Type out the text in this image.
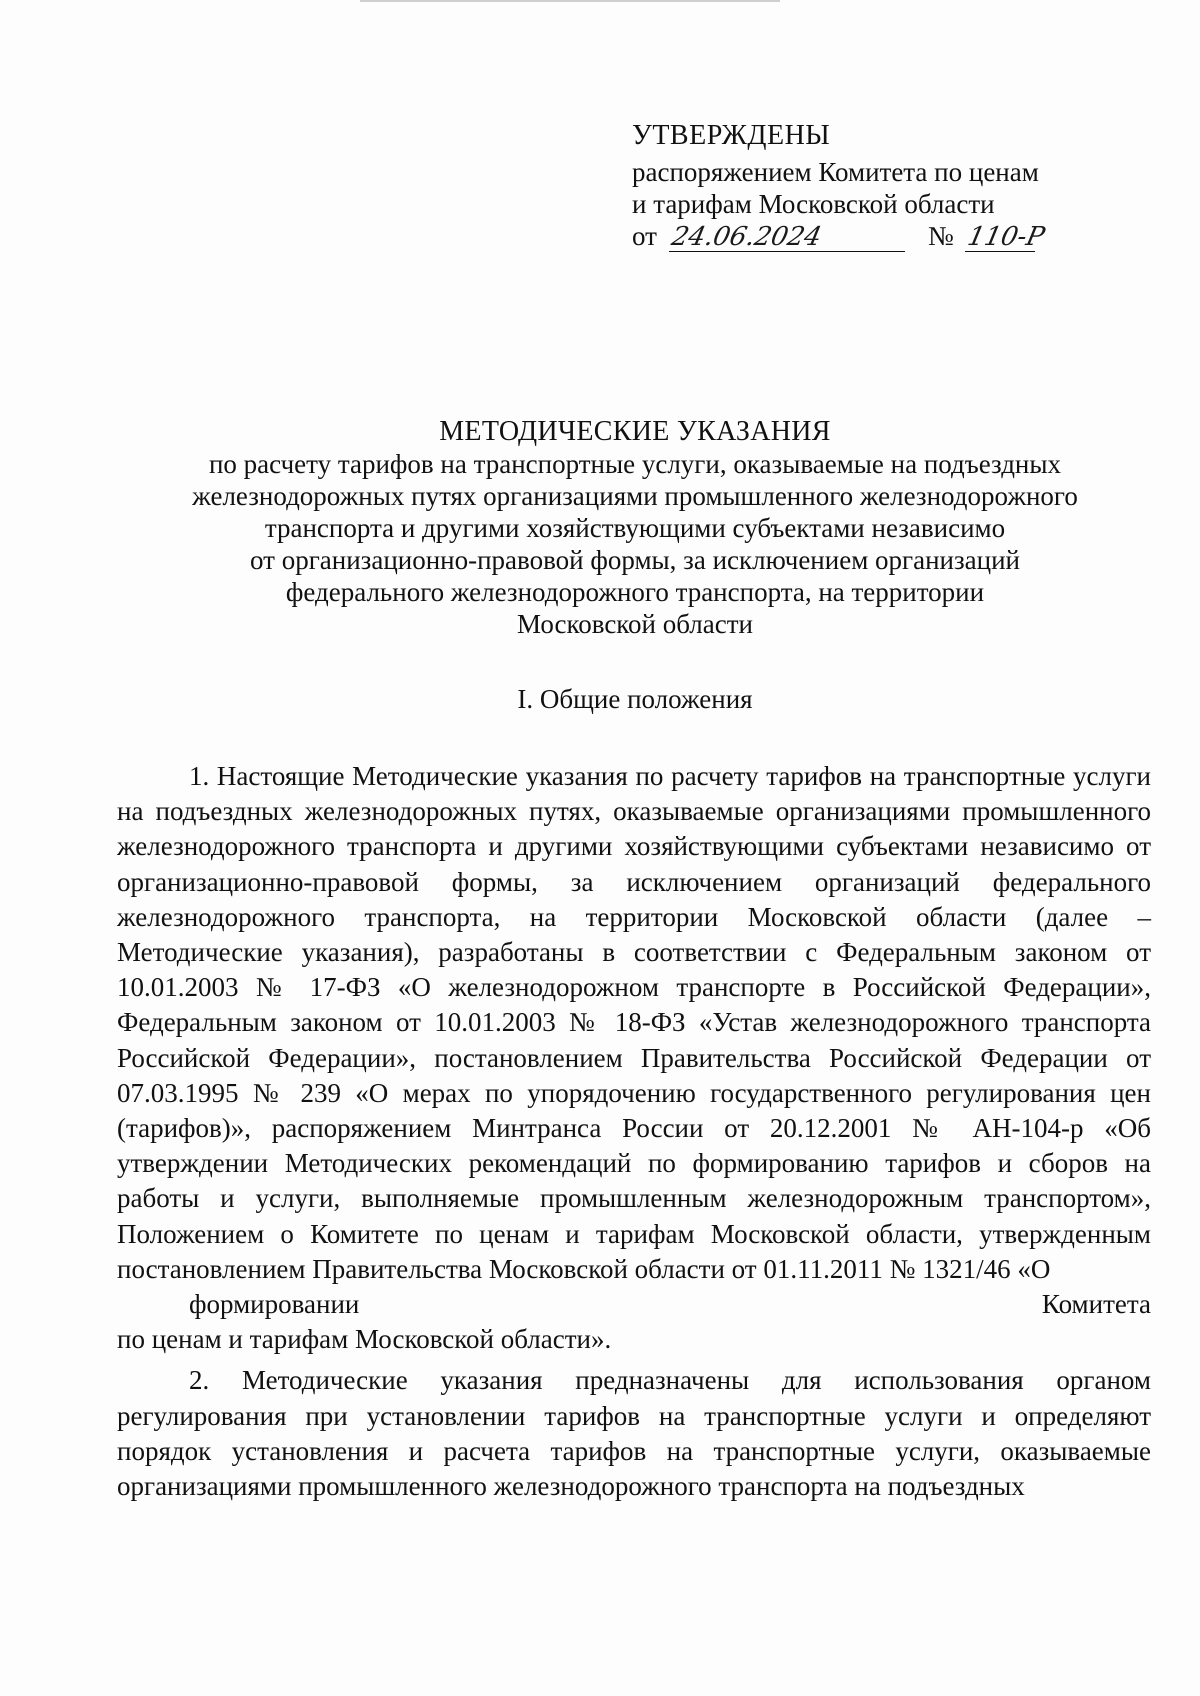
УТВЕРЖДЕНЫ
распоряжением Комитета по ценам
и тарифам Московской области
от 24.06.2024	№ 110-Р
МЕТОДИЧЕСКИЕ УКАЗАНИЯ
по расчету тарифов на транспортные услуги, оказываемые на подъездных
железнодорожных путях организациями промышленного железнодорожного
транспорта и другими хозяйствующими субъектами независимо
от организационно-правовой формы, за исключением организаций
федерального железнодорожного транспорта, на территории
Московской области
I. Общие положения

1. Настоящие Методические указания по расчету тарифов на транспортные услуги на подъездных железнодорожных путях, оказываемые организациями промышленного железнодорожного транспорта и другими хозяйствующими субъектами независимо от организационно-правовой формы, за исключением организаций федерального железнодорожного транспорта, на территории Московской области (далее – Методические указания), разработаны в соответствии с Федеральным законом от 10.01.2003 № 17-ФЗ «О железнодорожном транспорте в Российской Федерации», Федеральным законом от 10.01.2003 № 18-ФЗ «Устав железнодорожного транспорта Российской Федерации», постановлением Правительства Российской Федерации от 07.03.1995 № 239 «О мерах по упорядочению государственного регулирования цен (тарифов)», распоряжением Минтранса России от 20.12.2001 № АН-104-р «Об утверждении Методических рекомендаций по формированию тарифов и сборов на работы и услуги, выполняемые промышленным железнодорожным транспортом», Положением о Комитете по ценам и тарифам Московской области, утвержденным постановлением Правительства Московской области от 01.11.2011 № 1321/46 «О
формировании Комитета
по ценам и тарифам Московской области».

2. Методические указания предназначены для использования органом регулирования при установлении тарифов на транспортные услуги и определяют порядок установления и расчета тарифов на транспортные услуги, оказываемые организациями промышленного железнодорожного транспорта на подъездных
